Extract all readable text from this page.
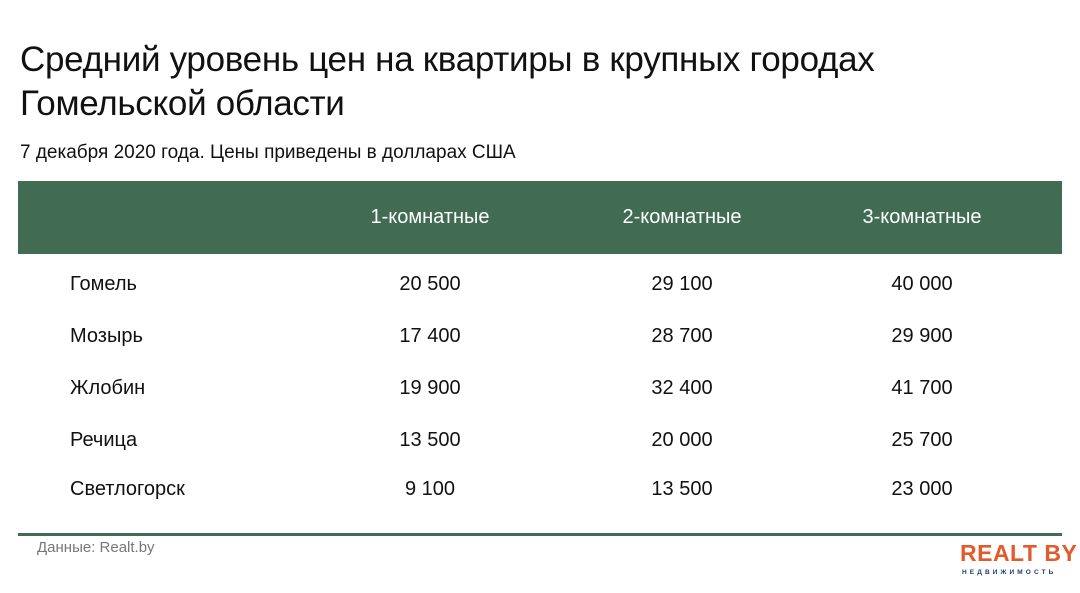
Средний уровень цен на квартиры в крупных городах Гомельской области

7 декабря 2020 года. Цены приведены в долларах США

	1-комнатные	2-комнатные	3-комнатные
Гомель	20 500	29 100	40 000
Мозырь	17 400	28 700	29 900
Жлобин	19 900	32 400	41 700
Речица	13 500	20 000	25 700
Светлогорск	9 100	13 500	23 000
Данные: Realt.by	REALT BY
НЕДВИЖИМОСТЬ
